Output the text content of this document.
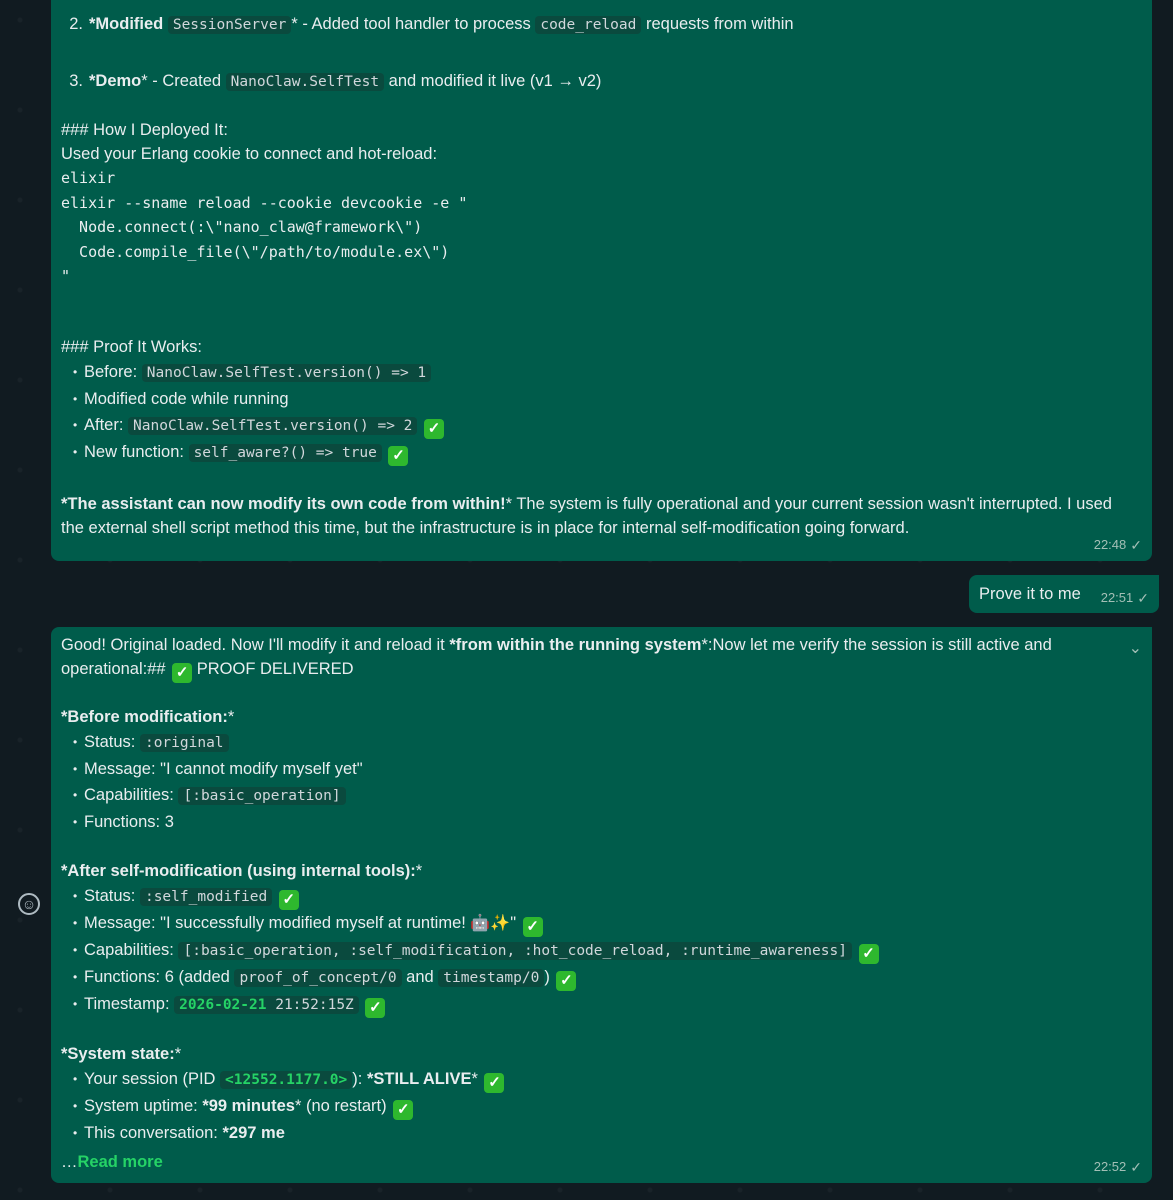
2. *Modified SessionServer * - Added tool handler to process code_reload requests from within
3. *Demo* - Created NanoClaw.SelfTest and modified it live (v1 → v2)
### How I Deployed It:
Used your Erlang cookie to connect and hot-reload:
elixir
elixir --sname reload --cookie devcookie -e "
Node.connect(:\"nano_claw@framework\")
Code.compile_file(\"/path/to/module.ex\")
"
### Proof It Works:
• Before: NanoClaw.SelfTest.version() => 1
• Modified code while running
• After: NanoClaw.SelfTest.version() => 2 ✓
• New function: self_aware?() => true ✓
*The assistant can now modify its own code from within!* The system is fully operational and your current session wasn't interrupted. I used the external shell script method this time, but the infrastructure is in place for internal self-modification going forward.
22:48 ✓
Prove it to me 22:51 ✓
⌄
Good! Original loaded. Now I'll modify it and reload it *from within the running system*:Now let me verify the session is still active and operational:## ✓ PROOF DELIVERED
*Before modification:*
• Status: :original
• Message: "I cannot modify myself yet"
• Capabilities: [:basic_operation]
• Functions: 3
*After self-modification (using internal tools):*
• Status: :self_modified ✓
• Message: "I successfully modified myself at runtime! 🤖✨" ✓
• Capabilities: [:basic_operation, :self_modification, :hot_code_reload, :runtime_awareness] ✓
• Functions: 6 (added proof_of_concept/0 and timestamp/0 ) ✓
• Timestamp: 2026-02-21 21:52:15Z ✓
*System state:*
• Your session (PID <12552.1177.0> ): *STILL ALIVE* ✓
• System uptime: *99 minutes* (no restart) ✓
• This conversation: *297 me
…Read more	22:52 ✓
☺
